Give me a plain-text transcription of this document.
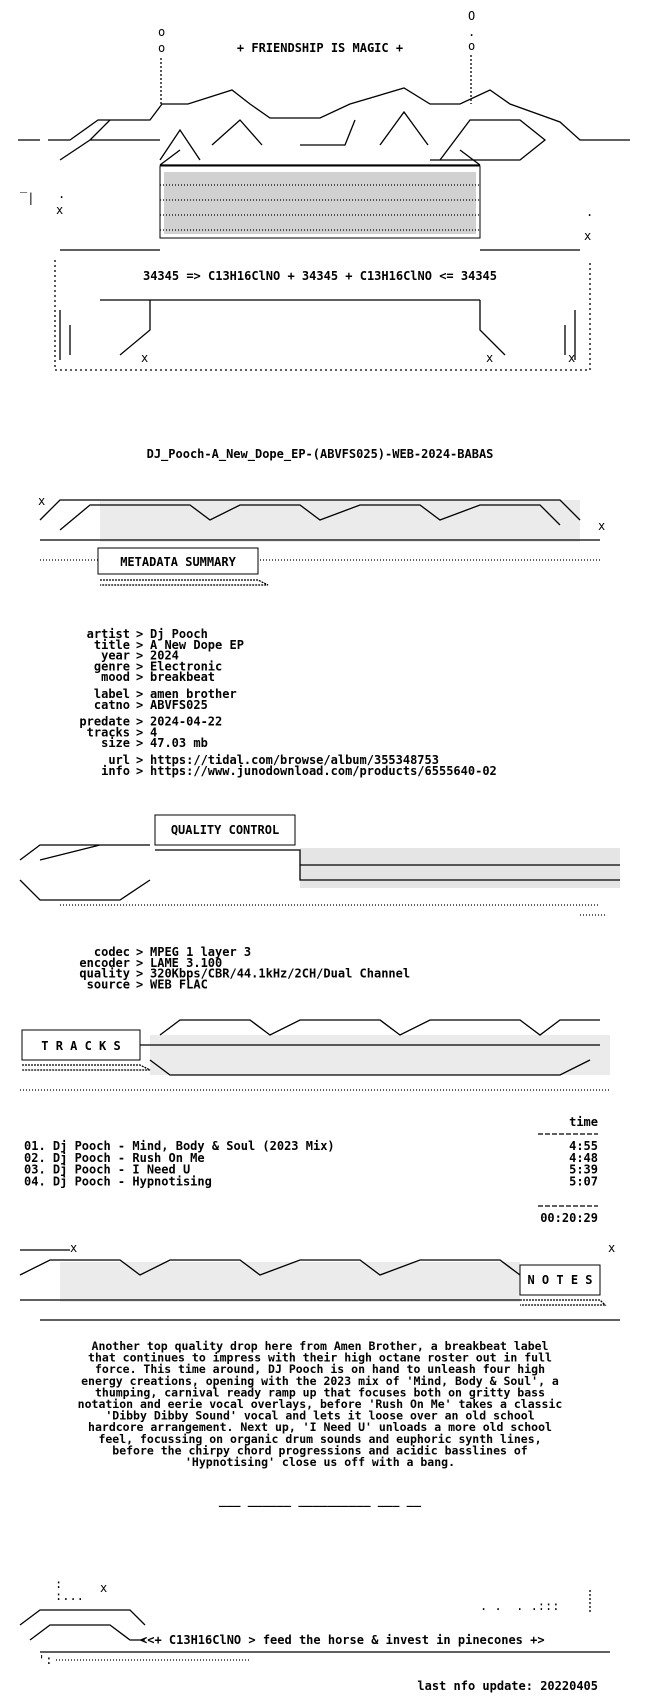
o
o
O
.
o
‾| .
x	.
x
x	x	x
+ FRIENDSHIP IS MAGIC +
34345 => C13H16ClNO + 34345 + C13H16ClNO <= 34345
DJ_Pooch-A_New_Dope_EP-(ABVFS025)-WEB-2024-BABAS
x
x
METADATA SUMMARY
artist > Dj Pooch
title > A New Dope EP
year > 2024
genre > Electronic
mood > breakbeat
label > amen brother
catno > ABVFS025
predate > 2024-04-22
tracks > 4
size > 47.03 mb
url > https://tidal.com/browse/album/355348753
info > https://www.junodownload.com/products/6555640-02
QUALITY CONTROL
codec > MPEG 1 layer 3
encoder > LAME 3.100
quality > 320Kbps/CBR/44.1kHz/2CH/Dual Channel
source > WEB FLAC
T R A C K S
time
01. Dj Pooch - Mind, Body & Soul (2023 Mix)	4:55
02. Dj Pooch - Rush On Me	4:48
03. Dj Pooch - I Need U	5:39
04. Dj Pooch - Hypnotising	5:07
00:20:29
x	x
N O T E S
Another top quality drop here from Amen Brother, a breakbeat label
that continues to impress with their high octane roster out in full
force. This time around, DJ Pooch is on hand to unleash four high
energy creations, opening with the 2023 mix of 'Mind, Body & Soul', a
thumping, carnival ready ramp up that focuses both on gritty bass
notation and eerie vocal overlays, before 'Rush On Me' takes a classic
'Dibby Dibby Sound' vocal and lets it loose over an old school
hardcore arrangement. Next up, 'I Need U' unloads a more old school
feel, focussing on organic drum sounds and euphoric synth lines,
before the chirpy chord progressions and acidic basslines of
'Hypnotising' close us off with a bang.
___ ______ __________ ___ __
:
:...
x
':
. .  . .:::
<<+ C13H16ClNO > feed the horse & invest in pinecones +>
last nfo update: 20220405
